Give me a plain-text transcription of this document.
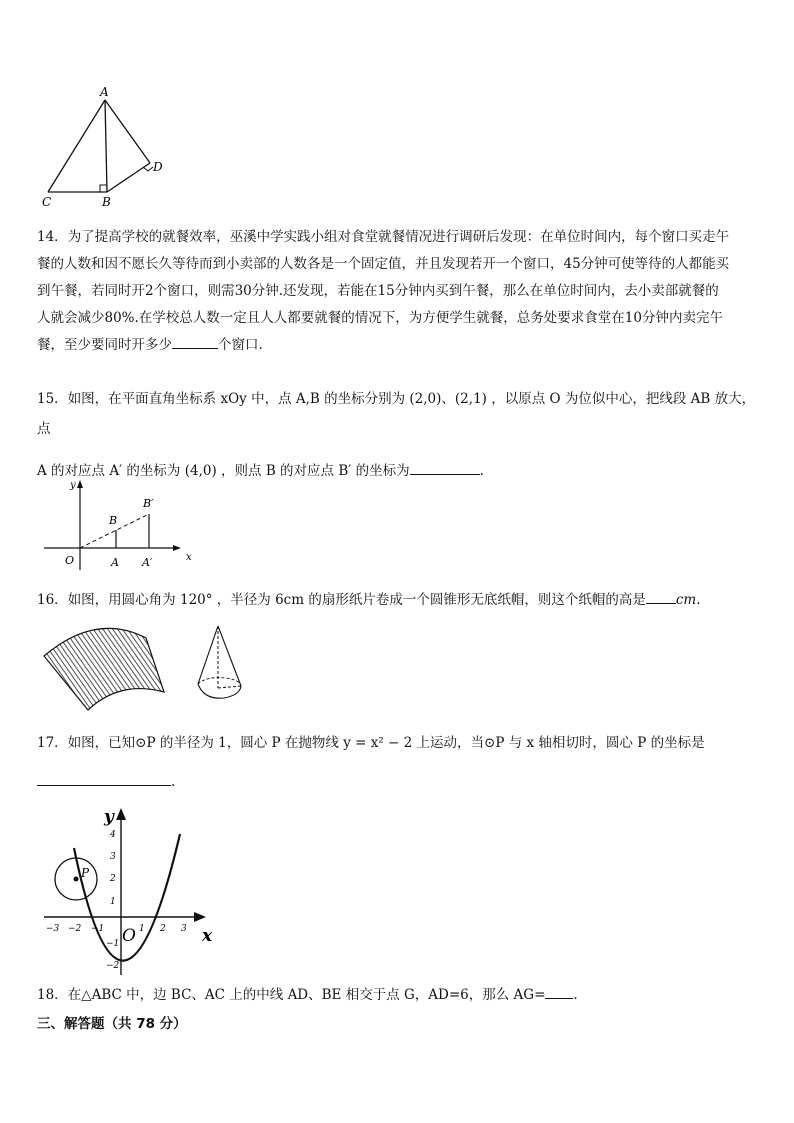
A
B
C
D

14．为了提高学校的就餐效率，巫溪中学实践小组对食堂就餐情况进行调研后发现：在单位时间内，每个窗口买走午

餐的人数和因不愿长久等待而到小卖部的人数各是一个固定值，并且发现若开一个窗口，45分钟可使等待的人都能买

到午餐，若同时开2个窗口，则需30分钟.还发现，若能在15分钟内买到午餐，那么在单位时间内，去小卖部就餐的

人就会减少80%.在学校总人数一定且人人都要就餐的情况下，为方便学生就餐，总务处要求食堂在10分钟内卖完午

餐，至少要同时开多少	个窗口.

15．如图，在平面直角坐标系 xOy 中，点 A,B 的坐标分别为 (2,0)、(2,1) ，以原点 O 为位似中心，把线段 AB 放大，点

A 的对应点 A′ 的坐标为 (4,0) ，则点 B 的对应点 B′ 的坐标为	.

y
x
O	A A′
B
B′

16．如图，用圆心角为 120° ，半径为 6cm 的扇形纸片卷成一个圆锥形无底纸帽，则这个纸帽的高是 cm.

17．如图，已知⊙P 的半径为 1，圆心 P 在抛物线 y = x² − 2 上运动，当⊙P 与 x 轴相切时，圆心 P 的坐标是

.

−3 −2 −1	1 2 3
4
3
2
1
−1
−2
y
x
O
P

18．在△ABC 中，边 BC、AC 上的中线 AD、BE 相交于点 G，AD=6，那么 AG= .

三、解答题（共 78 分）
